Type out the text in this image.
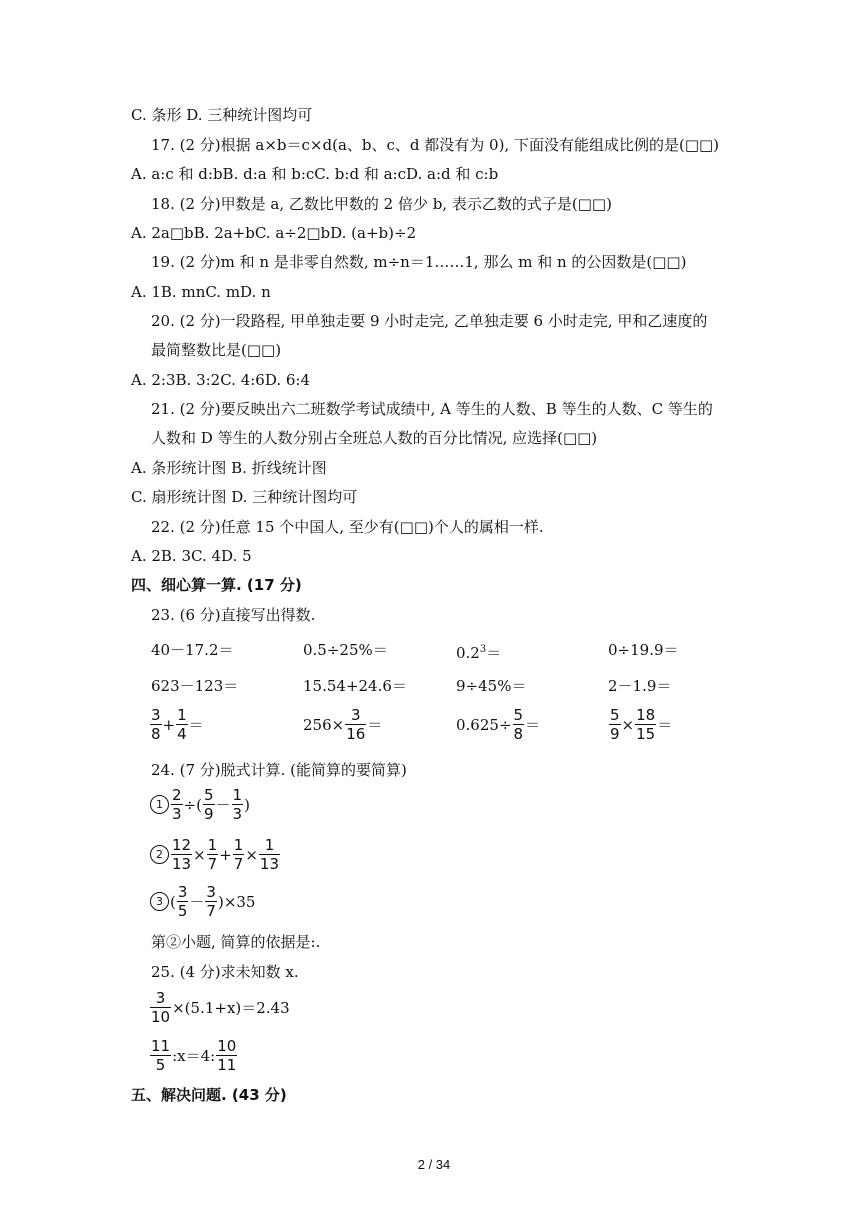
C. 条形 D. 三种统计图均可
17. (2 分)根据 a×b＝c×d(a、b、c、d 都没有为 0), 下面没有能组成比例的是(□□)
A. a:c 和 d:bB. d:a 和 b:cC. b:d 和 a:cD. a:d 和 c:b
18. (2 分)甲数是 a, 乙数比甲数的 2 倍少 b, 表示乙数的式子是(□□)
A. 2a□bB. 2a+bC. a÷2□bD. (a+b)÷2
19. (2 分)m 和 n 是非零自然数, m÷n＝1……1, 那么 m 和 n 的公因数是(□□)
A. 1B. mnC. mD. n
20. (2 分)一段路程, 甲单独走要 9 小时走完, 乙单独走要 6 小时走完, 甲和乙速度的
最简整数比是(□□)
A. 2:3B. 3:2C. 4:6D. 6:4
21. (2 分)要反映出六二班数学考试成绩中, A 等生的人数、B 等生的人数、C 等生的
人数和 D 等生的人数分别占全班总人数的百分比情况, 应选择(□□)
A. 条形统计图 B. 折线统计图
C. 扇形统计图 D. 三种统计图均可
22. (2 分)任意 15 个中国人, 至少有(□□)个人的属相一样.
A. 2B. 3C. 4D. 5
四、细心算一算. (17 分)
23. (6 分)直接写出得数.
40－17.2＝	0.5÷25%＝	$0.2^3=$	0÷19.9＝
623－123＝	15.54+24.6＝	9÷45%＝	2－1.9＝
$\frac{3}{8} + \frac{1}{4}$ ＝	$256\times \frac{3}{16}$ ＝	$0.625\div \frac{5}{8}$ ＝	$\frac{5}{9} \times \frac{18}{15}$ ＝
24. (7 分)脱式计算. (能简算的要简算)
$1 \frac{2}{3}$ ÷( $\frac{5}{9} - \frac{1}{3}$ )
$2 \frac{12}{13} \times \frac{1}{7} + \frac{1}{7} \times \frac{1}{13}$
3 ( $\frac{3}{5} - \frac{3}{7} )\times 35$
第②小题, 简算的依据是:.
25. (4 分)求未知数 x.
$\frac{3}{10} \times(5.1+x)=2.43$
$\frac{11}{5}$ :x＝4: $\frac{10}{11}$
五、解决问题. (43 分)
2 / 34
